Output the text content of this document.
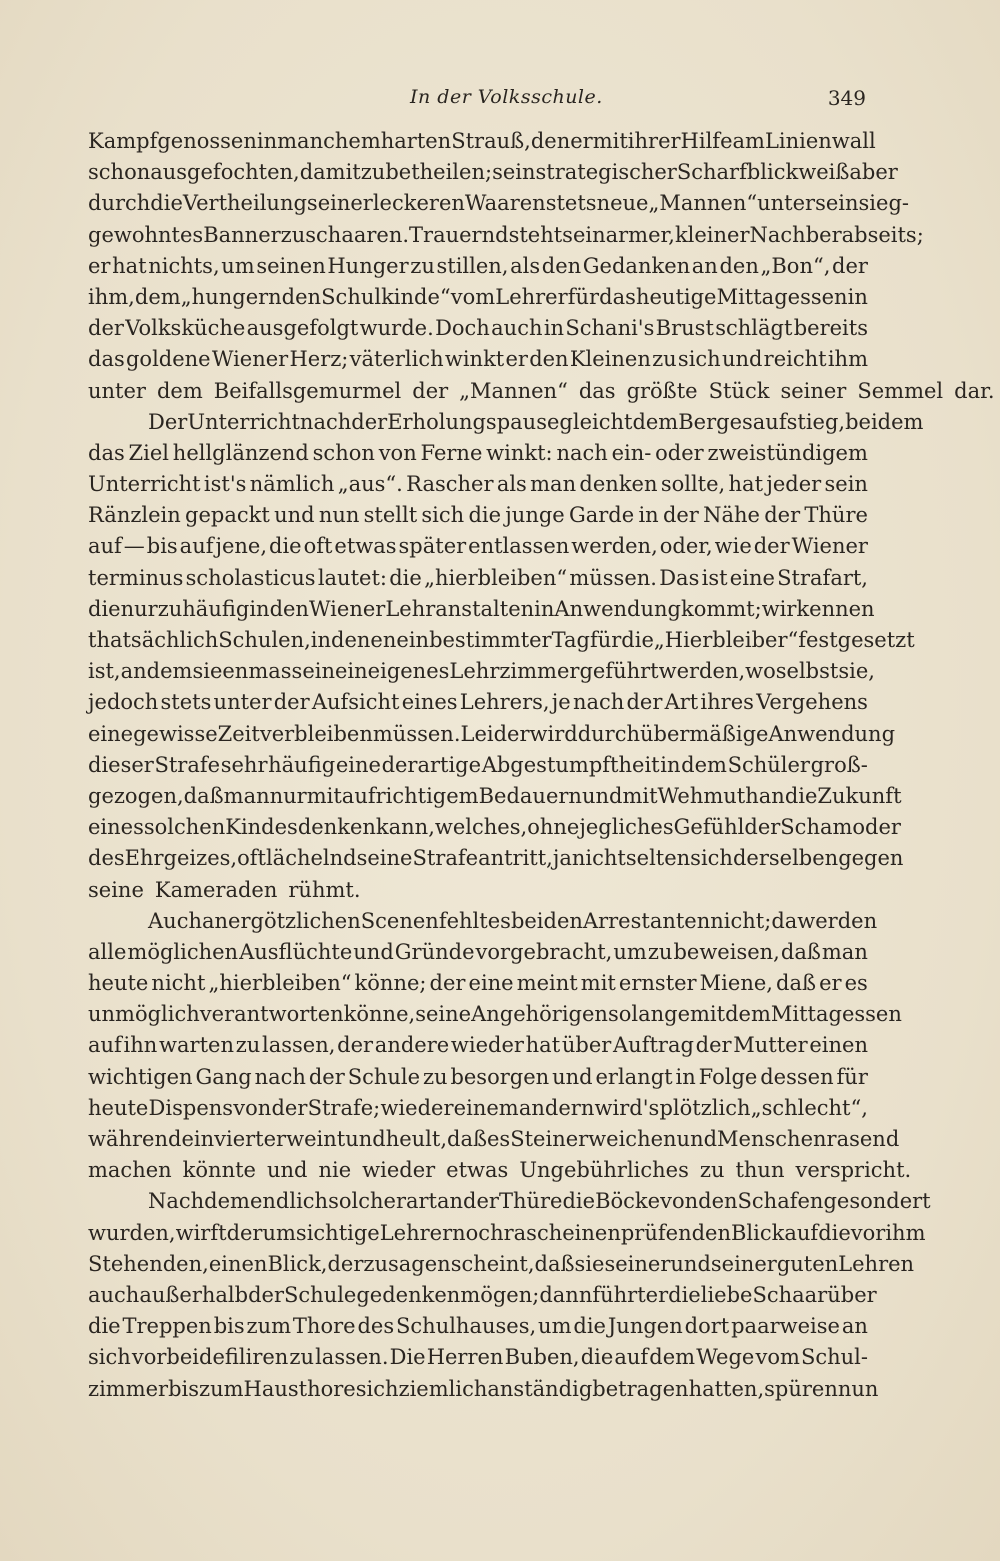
In der Volksschule.	349
Kampfgenossen in manchem harten Strauß, den er mit ihrer Hilfe am Linienwall
schon ausgefochten, damit zu betheilen; sein strategischer Scharfblick weiß aber
durch die Vertheilung seiner leckeren Waaren stets neue „Mannen“ unter sein sieg-
gewohntes Banner zu schaaren. Trauernd steht sein armer, kleiner Nachber abseits;
er hat nichts, um seinen Hunger zu stillen, als den Gedanken an den „Bon“, der
ihm, dem „hungernden Schulkinde“ vom Lehrer für das heutige Mittagessen in
der Volksküche ausgefolgt wurde. Doch auch in Schani's Brust schlägt bereits
das goldene Wiener Herz; väterlich winkt er den Kleinen zu sich und reicht ihm
unter dem Beifallsgemurmel der „Mannen“ das größte Stück seiner Semmel dar.
Der Unterricht nach der Erholungspause gleicht dem Bergesaufstieg, bei dem
das Ziel hellglänzend schon von Ferne winkt: nach ein- oder zweistündigem
Unterricht ist's nämlich „aus“. Rascher als man denken sollte, hat jeder sein
Ränzlein gepackt und nun stellt sich die junge Garde in der Nähe der Thüre
auf — bis auf jene, die oft etwas später entlassen werden, oder, wie der Wiener
terminus scholasticus lautet: die „hierbleiben“ müssen. Das ist eine Strafart,
die nur zu häufig in den Wiener Lehranstalten in Anwendung kommt; wir kennen
thatsächlich Schulen, in denen ein bestimmter Tag für die „Hierbleiber“ festgesetzt
ist, an dem sie en masse in ein eigenes Lehrzimmer geführt werden, woselbst sie,
jedoch stets unter der Aufsicht eines Lehrers, je nach der Art ihres Vergehens
eine gewisse Zeit verbleiben müssen. Leider wird durch übermäßige Anwendung
dieser Strafe sehr häufig eine derartige Abgestumpftheit in dem Schüler groß-
gezogen, daß man nur mit aufrichtigem Bedauern und mit Wehmuth an die Zukunft
eines solchen Kindes denken kann, welches, ohne jegliches Gefühl der Scham oder
des Ehrgeizes, oft lächelnd seine Strafe antritt, ja nicht selten sich derselben gegen
seine Kameraden rühmt.
Auch an ergötzlichen Scenen fehlt es bei den Arrestanten nicht; da werden
alle möglichen Ausflüchte und Gründe vorgebracht, um zu beweisen, daß man
heute nicht „hierbleiben“ könne; der eine meint mit ernster Miene, daß er es
unmöglich verantworten könne, seine Angehörigen so lange mit dem Mittagessen
auf ihn warten zu lassen, der andere wieder hat über Auftrag der Mutter einen
wichtigen Gang nach der Schule zu besorgen und erlangt in Folge dessen für
heute Dispens von der Strafe; wieder einem andern wird's plötzlich „schlecht“,
während ein vierter weint und heult, daß es Stein erweichen und Menschen rasend
machen könnte und nie wieder etwas Ungebührliches zu thun verspricht.
Nachdem endlich solcherart an der Thüre die Böcke von den Schafen gesondert
wurden, wirft der umsichtige Lehrer noch rasch einen prüfenden Blick auf die vor ihm
Stehenden, einen Blick, der zu sagen scheint, daß sie seiner und seiner guten Lehren
auch außerhalb der Schule gedenken mögen; dann führt er die liebe Schaar über
die Treppen bis zum Thore des Schulhauses, um die Jungen dort paarweise an
sich vorbeidefiliren zu lassen. Die Herren Buben, die auf dem Wege vom Schul-
zimmer bis zum Hausthore sich ziemlich anständig betragen hatten, spüren nun
